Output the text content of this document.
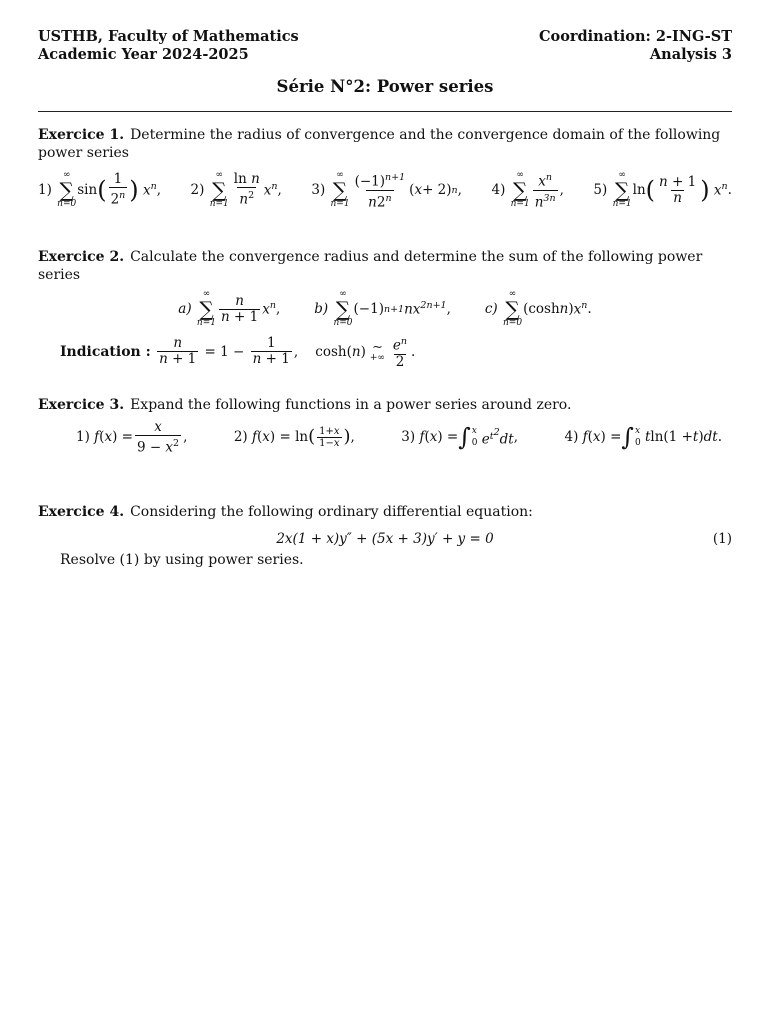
USTHB, Faculty of Mathematics
Academic Year 2024-2025
Coordination: 2-ING-ST
Analysis 3
Série N°2: Power series
Exercice 1. Determine the radius of convergence and the convergence domain of the following power series
1)

∞
∑
n=0
sin ( $\frac{1}{2^n}$ )
$x^n$ , 2)

∞
∑
$n=1 \frac{\text{ln n}}{n^2} x^n$ , 3)

∞
∑
$n=1 \frac{(-1)^{n+1}}{n2^n}$ ( x + 2) n , 4)

∞
∑
$n=1 \frac{x^n}{n^{3n}}$ , 5)

∞
∑
n=1
ln ( $\frac{n + 1}{n}$ )
$x^n$ .
Exercice 2. Calculate the convergence radius and determine the sum of the following power series
a)

∞
∑
$n=1 \frac{n}{n + 1} x^n$ ,	b)

∞
∑
n=0
(−1) n+1 $nx^{2n+1}$ ,	c)

∞
∑
n=0
(cosh n ) $x^n$ .
Indication :
$\frac{n}{n + 1} = 1 - \frac{1}{n + 1}$ ,    cosh( n ) ∼
+∞ $\frac{e^n}{2}$ .
Exercice 3. Expand the following functions in a power series around zero.
1)
f ( x ) = $\frac{x}{9 - x^2}$ ,	2)
f ( x ) = ln ( $\frac{1+x}{1-x}$ ) ,	3)
f ( x ) = ∫ x
0
$e^{t^2}dt$ ,	4)
f ( x ) = ∫ x
0
t ln(1 + t ) dt .
Exercice 4. Considering the following ordinary differential equation:
2x(1 + x)y″ + (5x + 3)y′ + y = 0	(1)
Resolve (1) by using power series.
